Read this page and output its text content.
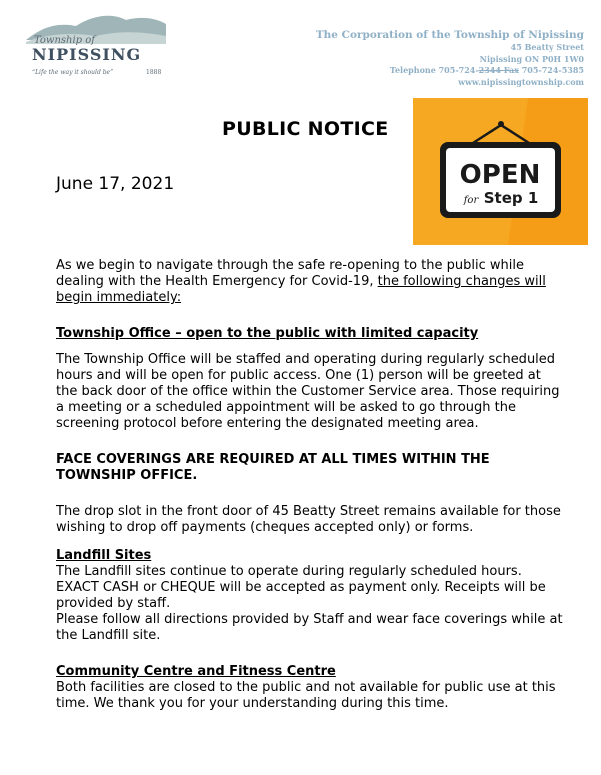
Township of
NIPISSING
“Life the way it should be”	1888
The Corporation of the Township of Nipissing
45 Beatty Street
Nipissing ON P0H 1W0
Telephone 705-724-2344 Fax 705-724-5385
www.nipissingtownship.com
PUBLIC NOTICE
June 17, 2021	OPEN
for Step 1

As we begin to navigate through the safe re-opening to the public while dealing with the Health Emergency for Covid-19, the following changes will begin immediately:

Township Office – open to the public with limited capacity

The Township Office will be staffed and operating during regularly scheduled hours and will be open for public access. One (1) person will be greeted at the back door of the office within the Customer Service area. Those requiring a meeting or a scheduled appointment will be asked to go through the screening protocol before entering the designated meeting area.

FACE COVERINGS ARE REQUIRED AT ALL TIMES WITHIN THE TOWNSHIP OFFICE.

The drop slot in the front door of 45 Beatty Street remains available for those wishing to drop off payments (cheques accepted only) or forms.

Landfill Sites

The Landfill sites continue to operate during regularly scheduled hours. EXACT CASH or CHEQUE will be accepted as payment only. Receipts will be provided by staff.

Please follow all directions provided by Staff and wear face coverings while at the Landfill site.

Community Centre and Fitness Centre

Both facilities are closed to the public and not available for public use at this time. We thank you for your understanding during this time.
